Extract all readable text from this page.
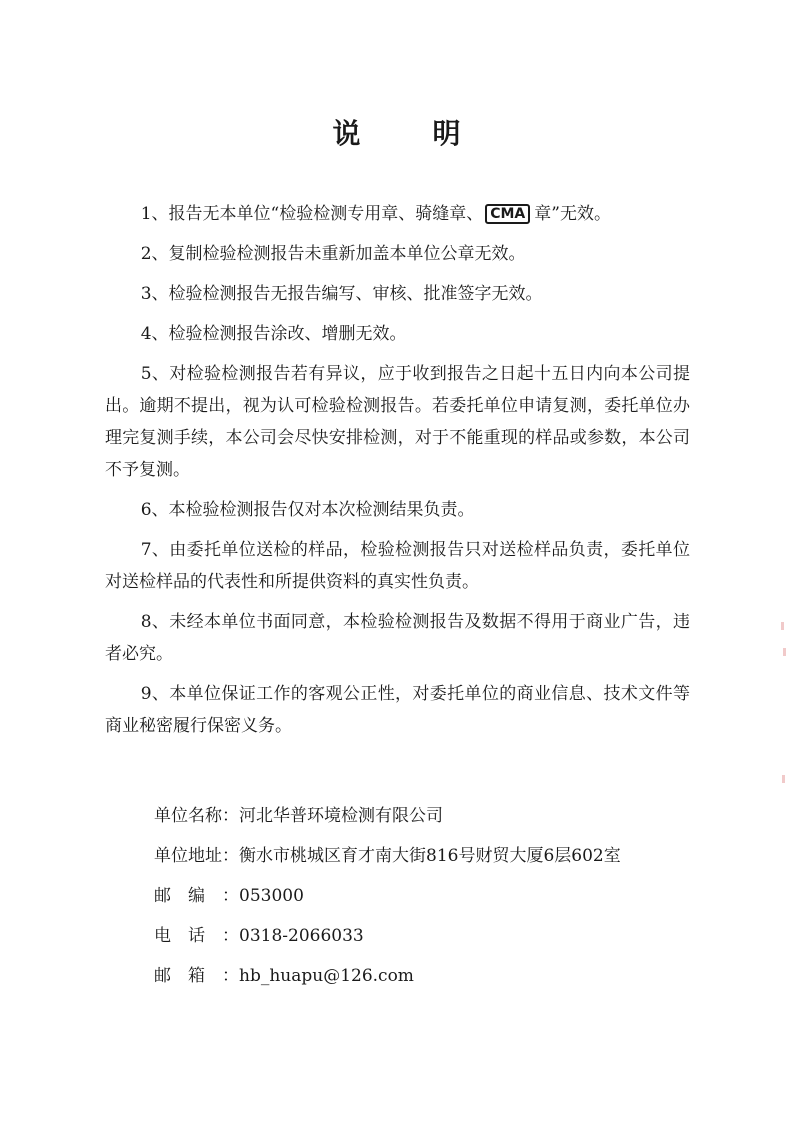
说	明

1、报告无本单位“检验检测专用章、骑缝章、 CMA 章”无效。

2、复制检验检测报告未重新加盖本单位公章无效。

3、检验检测报告无报告编写、审核、批准签字无效。

4、检验检测报告涂改、增删无效。

5、对检验检测报告若有异议，应于收到报告之日起十五日内向本公司提出。逾期不提出，视为认可检验检测报告。若委托单位申请复测，委托单位办理完复测手续，本公司会尽快安排检测，对于不能重现的样品或参数，本公司不予复测。

6、本检验检测报告仅对本次检测结果负责。

7、由委托单位送检的样品，检验检测报告只对送检样品负责，委托单位对送检样品的代表性和所提供资料的真实性负责。

8、未经本单位书面同意，本检验检测报告及数据不得用于商业广告，违者必究。

9、本单位保证工作的客观公正性，对委托单位的商业信息、技术文件等商业秘密履行保密义务。

单位名称：河北华普环境检测有限公司
单位地址：衡水市桃城区育才南大街816号财贸大厦6层602室
邮编：053000
电话：0318-2066033
邮箱：hb_huapu@126.com
